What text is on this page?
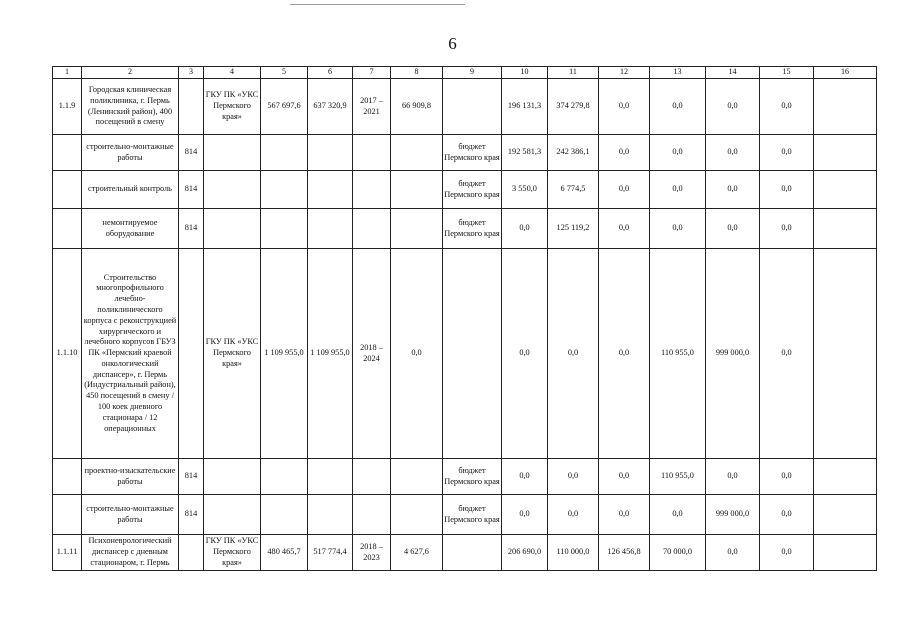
6
1	2	3	4	5	6	7	8	9	10	11	12	13	14	15	16
1.1.9	Городская клиническая поликлиника, г. Пермь (Ленинский район), 400 посещений в смену		ГКУ ПК «УКС Пермского края»	567 697,6	637 320,9	2017 – 2021	66 909,8		196 131,3	374 279,8	0,0	0,0	0,0	0,0	
	строительно-монтажные работы	814						бюджет Пермского края	192 581,3	242 386,1	0,0	0,0	0,0	0,0	
	строительный контроль	814						бюджет Пермского края	3 550,0	6 774,5	0,0	0,0	0,0	0,0	
	немонтируемое оборудование	814						бюджет Пермского края	0,0	125 119,2	0,0	0,0	0,0	0,0	
1.1.10	Строительство многопрофильного лечебно-поликлинического корпуса с реконструкцией хирургического и лечебного корпусов ГБУЗ ПК «Пермский краевой онкологический диспансер», г. Пермь (Индустриальный район), 450 посещений в смену / 100 коек дневного стационара / 12 операционных		ГКУ ПК «УКС Пермского края»	1 109 955,0	1 109 955,0	2018 – 2024	0,0		0,0	0,0	0,0	110 955,0	999 000,0	0,0	
	проектно-изыскательские работы	814						бюджет Пермского края	0,0	0,0	0,0	110 955,0	0,0	0,0	
	строительно-монтажные работы	814						бюджет Пермского края	0,0	0,0	0,0	0,0	999 000,0	0,0	
1.1.11	Психоневрологический диспансер с дневным стационаром, г. Пермь		ГКУ ПК «УКС Пермского края»	480 465,7	517 774,4	2018 – 2023	4 627,6		206 690,0	110 000,0	126 456,8	70 000,0	0,0	0,0	
